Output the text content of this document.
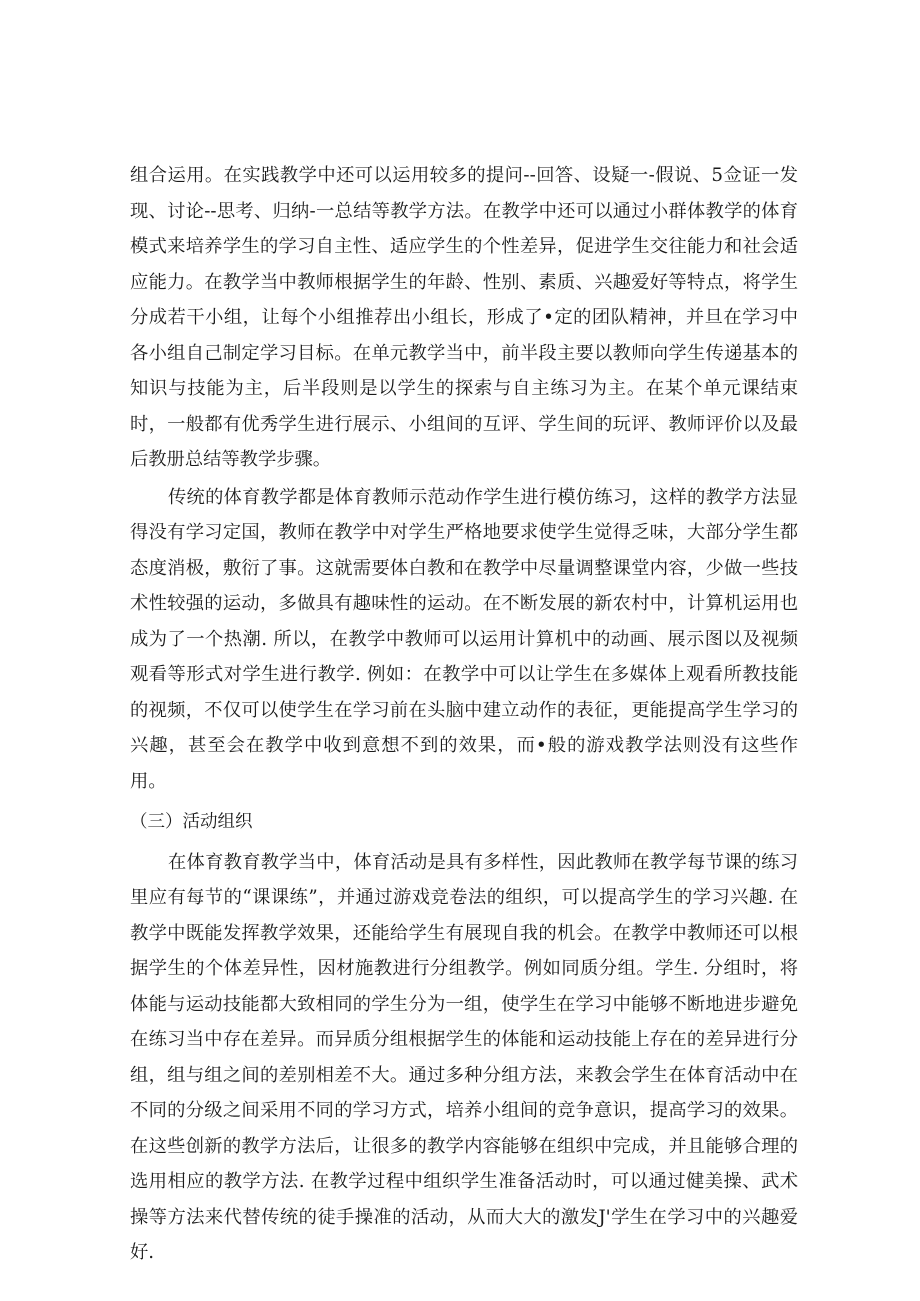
组合运用。在实践教学中还可以运用较多的提问--回答、设疑一-假说、5佥证一发现、讨论--思考、归纳-一总结等教学方法。在教学中还可以通过小群体教学的体育模式来培养学生的学习自主性、适应学生的个性差异，促进学生交往能力和社会适应能力。在教学当中教师根据学生的年龄、性别、素质、兴趣爱好等特点，将学生分成若干小组，让每个小组推荐出小组长，形成了•定的团队精神，并旦在学习中各小组自己制定学习目标。在单元教学当中，前半段主要以教师向学生传递基本的知识与技能为主，后半段则是以学生的探索与自主练习为主。在某个单元课结束时，一般都有优秀学生进行展示、小组间的互评、学生间的玩评、教师评价以及最后教册总结等教学步骤。

传统的体育教学都是体育教师示范动作学生进行模仿练习，这样的教学方法显得没有学习定国，教师在教学中对学生严格地要求使学生觉得乏味，大部分学生都态度消极，敷衍了事。这就需要体白教和在教学中尽量调整课堂内容，少做一些技术性较强的运动，多做具有趣味性的运动。在不断发展的新农村中，计算机运用也成为了一个热潮. 所以，在教学中教师可以运用计算机中的动画、展示图以及视频观看等形式对学生进行教学. 例如：在教学中可以让学生在多媒体上观看所教技能的视频，不仅可以使学生在学习前在头脑中建立动作的表征，更能提高学生学习的兴趣，甚至会在教学中收到意想不到的效果，而•般的游戏教学法则没有这些作用。

（三）活动组织

在体育教育教学当中，体育活动是具有多样性，因此教师在教学每节课的练习里应有每节的“课课练”，并通过游戏竞卷法的组织，可以提高学生的学习兴趣. 在教学中既能发挥教学效果，还能给学生有展现自我的机会。在教学中教师还可以根据学生的个体差异性，因材施教进行分组教学。例如同质分组。学生. 分组时，将体能与运动技能都大致相同的学生分为一组，使学生在学习中能够不断地进步避免在练习当中存在差异。而异质分组根据学生的体能和运动技能上存在的差异进行分组，组与组之间的差别相差不大。通过多种分组方法，来教会学生在体育活动中在不同的分级之间采用不同的学习方式，培养小组间的竞争意识，提高学习的效果。在这些创新的教学方法后，让很多的教学内容能够在组织中完成，并且能够合理的选用相应的教学方法. 在教学过程中组织学生准备活动时，可以通过健美操、武术操等方法来代替传统的徒手操准的活动，从而大大的激发J'学生在学习中的兴趣爱好.
